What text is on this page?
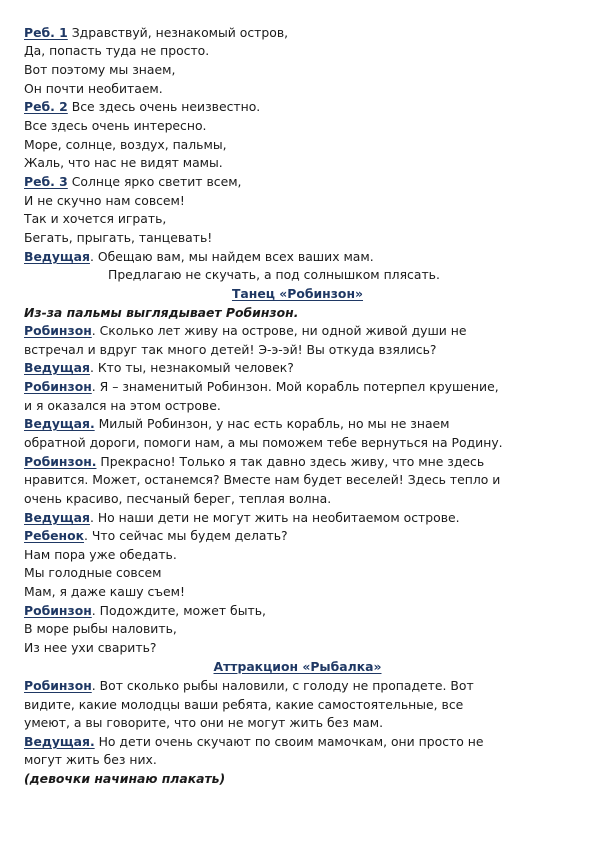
Реб. 1 Здравствуй, незнакомый остров,
Да, попасть туда не просто.
Вот поэтому мы знаем,
Он почти необитаем.
Реб. 2 Все здесь очень неизвестно.
Все здесь очень интересно.
Море, солнце, воздух, пальмы,
Жаль, что нас не видят мамы.
Реб. 3 Солнце ярко светит всем,
И не скучно нам совсем!
Так и хочется играть,
Бегать, прыгать, танцевать!
Ведущая. Обещаю вам, мы найдем всех ваших мам.
Предлагаю не скучать, а под солнышком плясать.
Танец «Робинзон»
Из-за пальмы выглядывает Робинзон.
Робинзон. Сколько лет живу на острове, ни одной живой души не
встречал и вдруг так много детей! Э-э-эй! Вы откуда взялись?
Ведущая. Кто ты, незнакомый человек?
Робинзон. Я – знаменитый Робинзон. Мой корабль потерпел крушение,
и я оказался на этом острове.
Ведущая. Милый Робинзон, у нас есть корабль, но мы не знаем
обратной дороги, помоги нам, а мы поможем тебе вернуться на Родину.
Робинзон. Прекрасно! Только я так давно здесь живу, что мне здесь
нравится. Может, останемся? Вместе нам будет веселей! Здесь тепло и
очень красиво, песчаный берег, теплая волна.
Ведущая. Но наши дети не могут жить на необитаемом острове.
Ребенок. Что сейчас мы будем делать?
Нам пора уже обедать.
Мы голодные совсем
Мам, я даже кашу съем!
Робинзон. Подождите, может быть,
В море рыбы наловить,
Из нее ухи сварить?
Аттракцион «Рыбалка»
Робинзон. Вот сколько рыбы наловили, с голоду не пропадете. Вот
видите, какие молодцы ваши ребята, какие самостоятельные, все
умеют, а вы говорите, что они не могут жить без мам.
Ведущая. Но дети очень скучают по своим мамочкам, они просто не
могут жить без них.
(девочки начинаю плакать)
